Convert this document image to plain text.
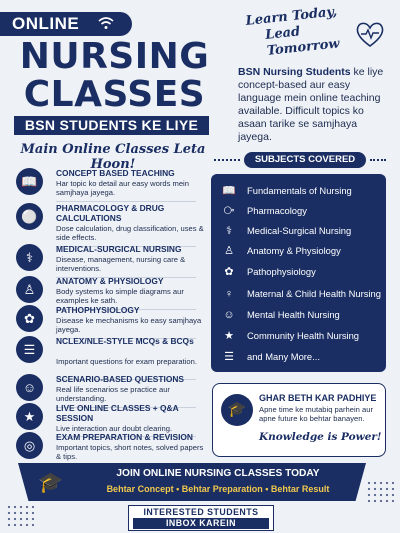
ONLINE
NURSING
CLASSES
BSN STUDENTS KE LIYE
Main Online Classes Leta Hoon!
Learn Today,
Lead Tomorrow
BSN Nursing Students ke liye concept-based aur easy language mein online teaching available. Difficult topics ko asaan tarike se samjhaya jayega.
📖
CONCEPT BASED TEACHING
Har topic ko detail aur easy words mein samjhaya jayega.
⚪
PHARMACOLOGY & DRUG CALCULATIONS
Dose calculation, drug classification, uses & side effects.
⚕
MEDICAL-SURGICAL NURSING
Disease, management, nursing care & interventions.
♙
ANATOMY & PHYSIOLOGY
Body systems ko simple diagrams aur examples ke sath.
✿
PATHOPHYSIOLOGY
Disease ke mechanisms ko easy samjhaya jayega.
☰
NCLEX/NLE-STYLE MCQs & BCQs
Important questions for exam preparation.
☺
SCENARIO-BASED QUESTIONS
Real life scenarios se practice aur understanding.
★
LIVE ONLINE CLASSES + Q&A SESSION
Live interaction aur doubt clearing.
◎
EXAM PREPARATION & REVISION
Important topics, short notes, solved papers & tips.
SUBJECTS COVERED
📖 Fundamentals of Nursing
⧂ Pharmacology
⚕	Medical-Surgical Nursing
♙	Anatomy & Physiology
✿	Pathophysiology
♀	Maternal & Child Health Nursing
☺ Mental Health Nursing
★	Community Health Nursing
☰	and Many More...
🎓
GHAR BETH KAR PADHIYE
Apne time ke mutabiq parhein aur apne future ko behtar banayen.
Knowledge is Power!
🎓	JOIN ONLINE NURSING CLASSES TODAY
Behtar Concept • Behtar Preparation • Behtar Result
INTERESTED STUDENTS
INBOX KAREIN
